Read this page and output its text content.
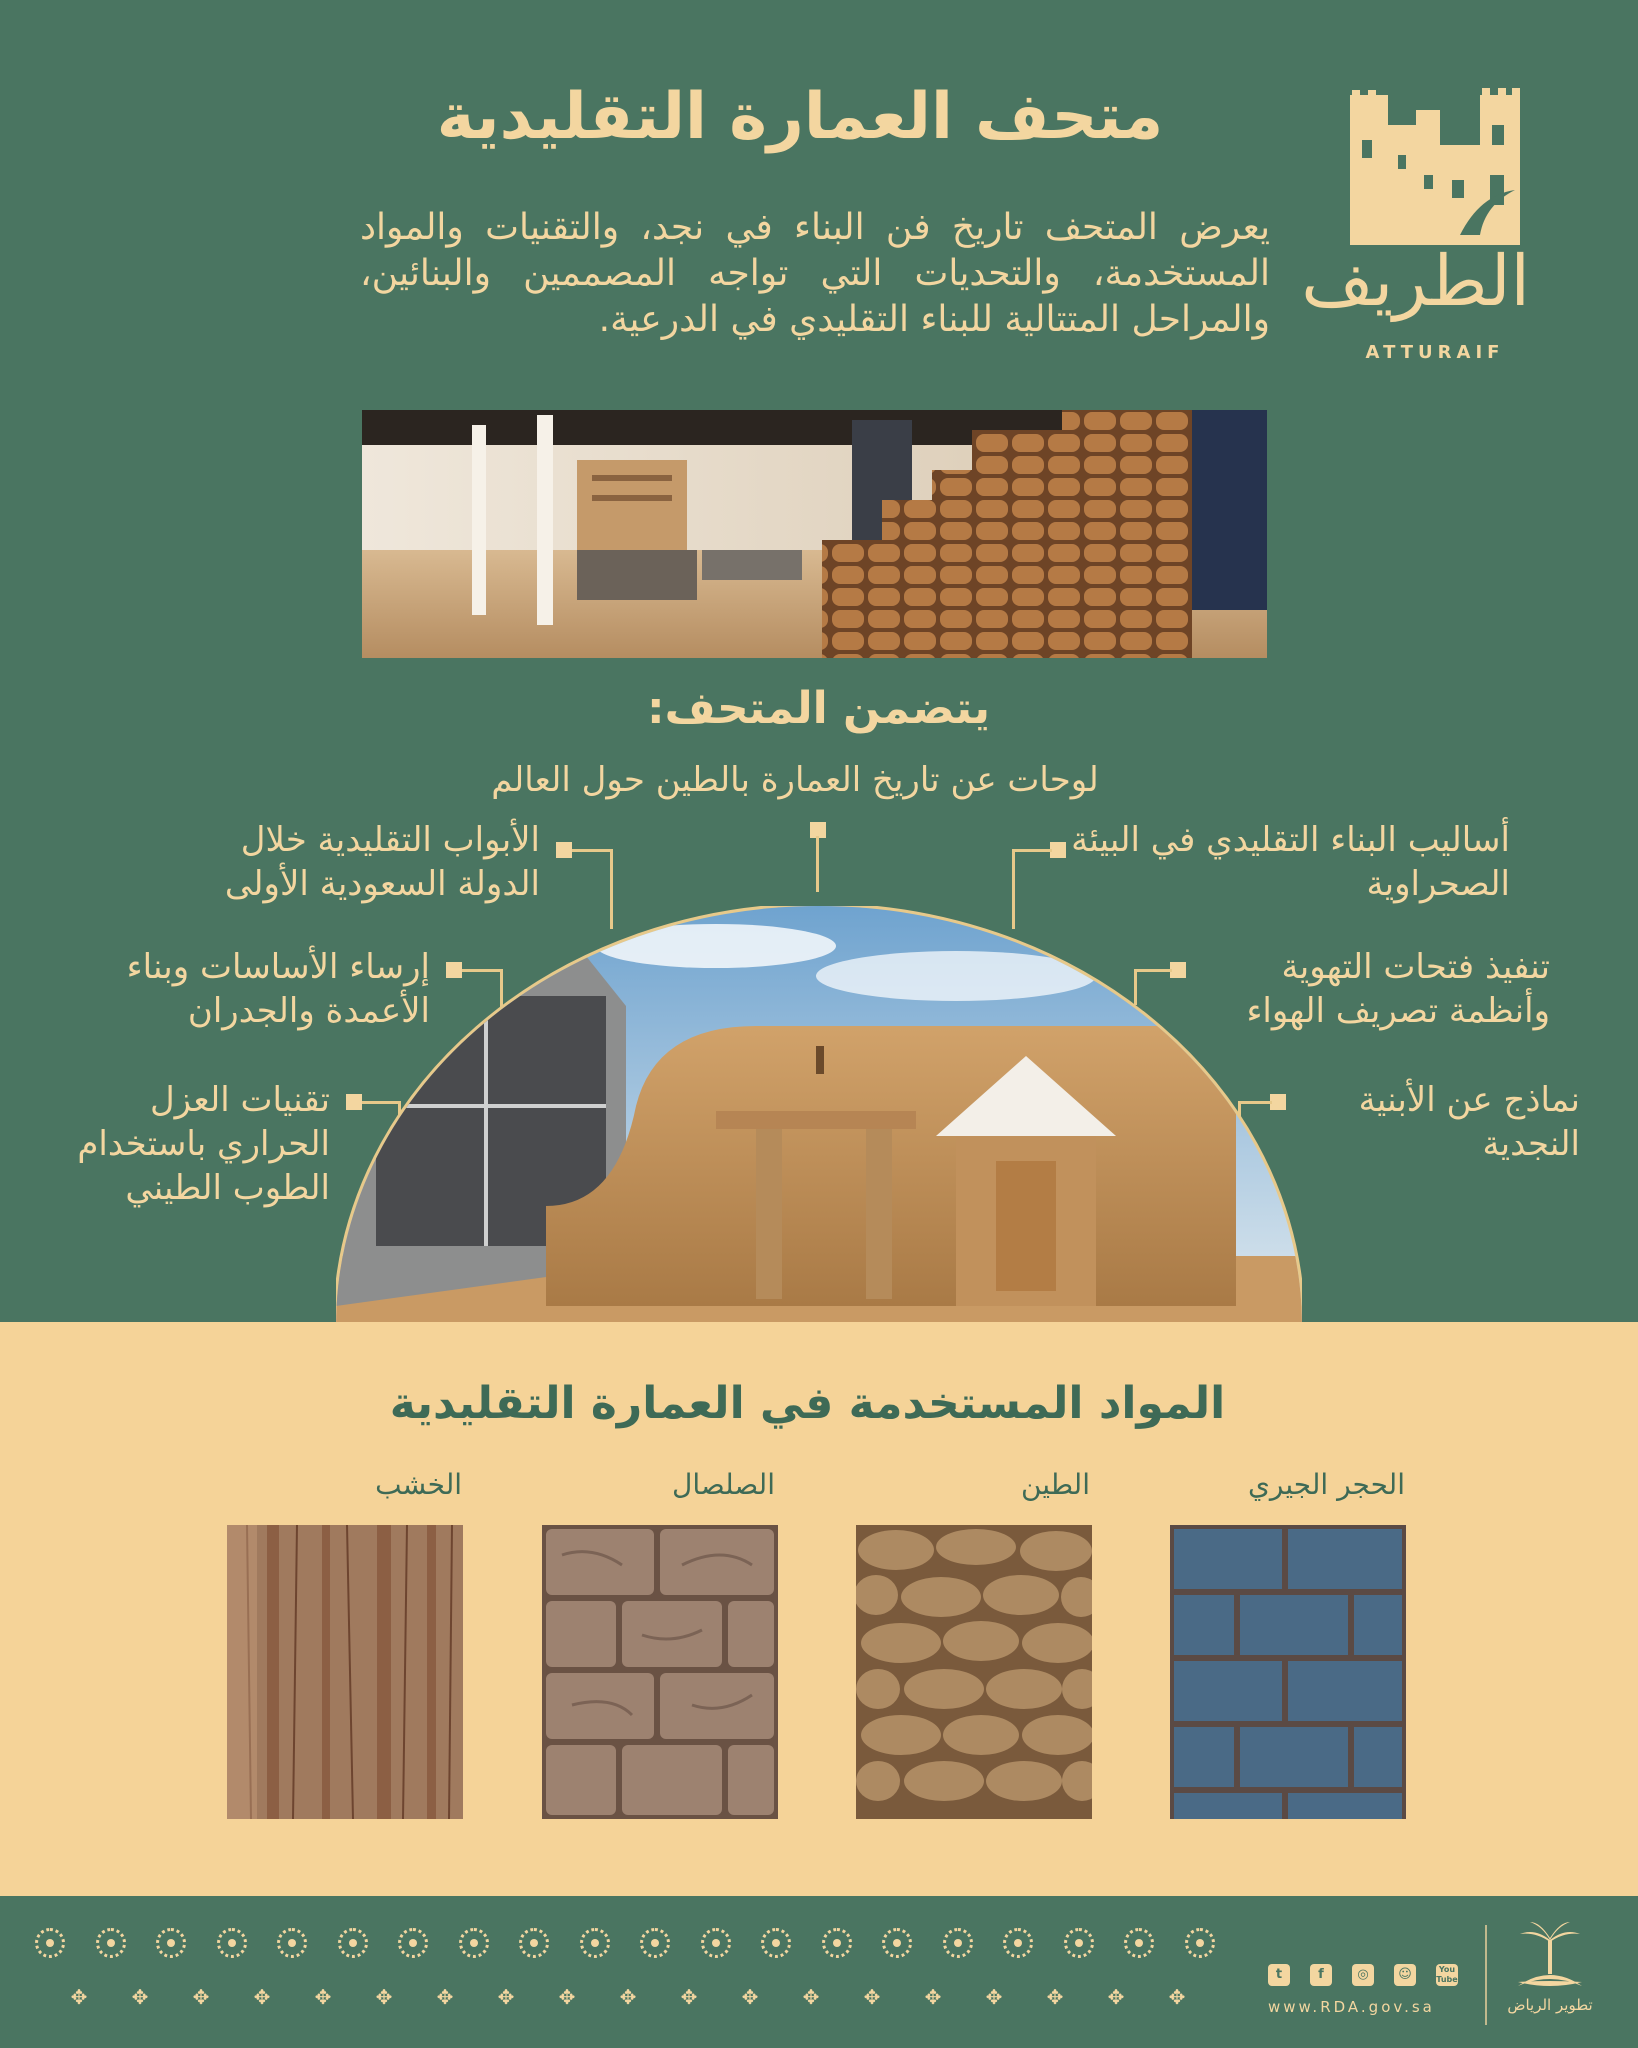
متحف العمارة التقليدية
يعرض المتحف تاريخ فن البناء في نجد، والتقنيات والمواد المستخدمة، والتحديات التي تواجه المصممين والبنائين، والمراحل المتتالية للبناء التقليدي في الدرعية. الطريف
ATTURAIF
يتضمن المتحف:
لوحات عن تاريخ العمارة بالطين حول العالم
الأبواب التقليدية خلال الدولة السعودية الأولى
إرساء الأساسات وبناء الأعمدة والجدران
تقنيات العزل الحراري باستخدام الطوب الطيني
أساليب البناء التقليدي في البيئة الصحراوية
تنفيذ فتحات التهوية وأنظمة تصريف الهواء
نماذج عن الأبنية النجدية
المواد المستخدمة في العمارة التقليدية
الحجر الجيري
الطين
الصلصال
الخشب
✥ ✥ ✥ ✥ ✥ ✥ ✥ ✥ ✥ ✥ ✥ ✥ ✥ ✥ ✥ ✥ ✥ ✥ ✥
t	f	◎	☺	You Tube
www.RDA.gov.sa	تطوير الرياض
